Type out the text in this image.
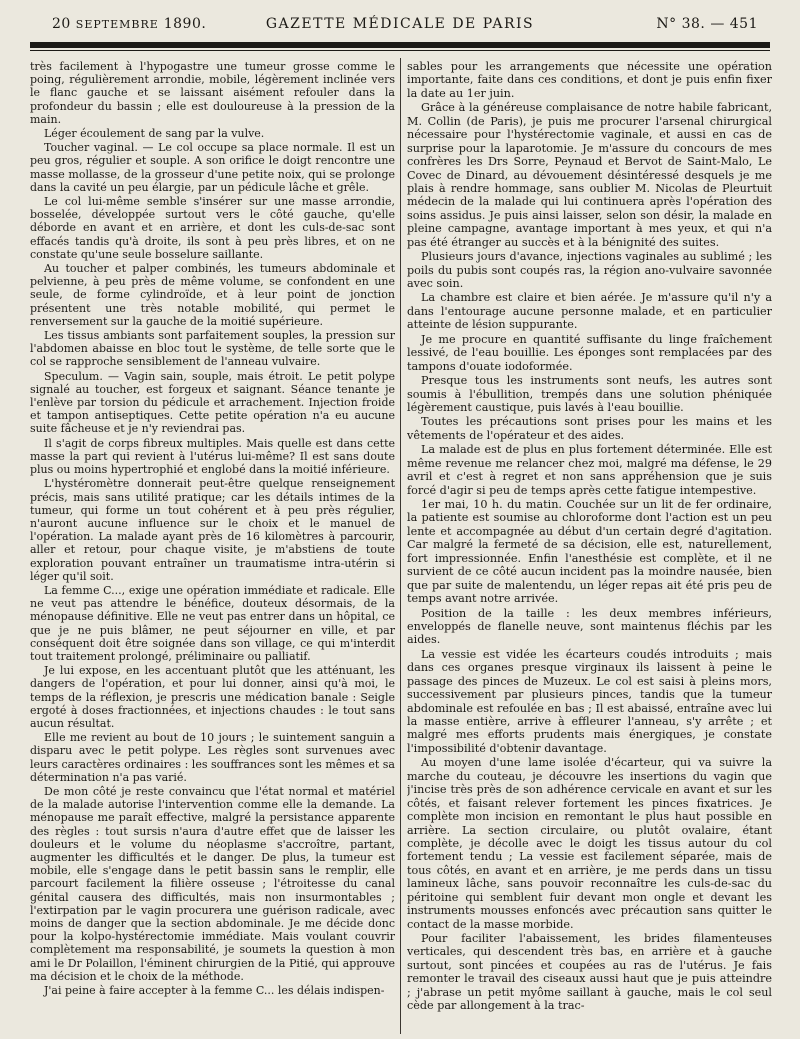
20 SEPTEMBRE 1890.	GAZETTE MÉDICALE DE PARIS	N° 38. — 451

très facilement à l'hypogastre une tumeur grosse comme le poing, régulièrement arrondie, mobile, légèrement inclinée vers le flanc gauche et se laissant aisément refouler dans la profondeur du bassin ; elle est douloureuse à la pression de la main.

Léger écoulement de sang par la vulve.

Toucher vaginal. — Le col occupe sa place normale. Il est un peu gros, régulier et souple. A son orifice le doigt rencontre une masse mollasse, de la grosseur d'une petite noix, qui se prolonge dans la cavité un peu élargie, par un pédicule lâche et grêle.

Le col lui-même semble s'insérer sur une masse arrondie, bosselée, développée surtout vers le côté gauche, qu'elle déborde en avant et en arrière, et dont les culs-de-sac sont effacés tandis qu'à droite, ils sont à peu près libres, et on ne constate qu'une seule bosselure saillante.

Au toucher et palper combinés, les tumeurs abdominale et pelvienne, à peu près de même volume, se confondent en une seule, de forme cylindroïde, et à leur point de jonction présentent une très notable mobilité, qui permet le renversement sur la gauche de la moitié supérieure.

Les tissus ambiants sont parfaitement souples, la pression sur l'abdomen abaisse en bloc tout le système, de telle sorte que le col se rapproche sensiblement de l'anneau vulvaire.

Speculum. — Vagin sain, souple, mais étroit. Le petit polype signalé au toucher, est forgeux et saignant. Séance tenante je l'enlève par torsion du pédicule et arrachement. Injection froide et tampon antiseptiques. Cette petite opération n'a eu aucune suite fâcheuse et je n'y reviendrai pas.

Il s'agit de corps fibreux multiples. Mais quelle est dans cette masse la part qui revient à l'utérus lui-même? Il est sans doute plus ou moins hypertrophié et englobé dans la moitié inférieure.

L'hystéromètre donnerait peut-être quelque renseignement précis, mais sans utilité pratique; car les détails intimes de la tumeur, qui forme un tout cohérent et à peu près régulier, n'auront aucune influence sur le choix et le manuel de l'opération. La malade ayant près de 16 kilomètres à parcourir, aller et retour, pour chaque visite, je m'abstiens de toute exploration pouvant entraîner un traumatisme intra-utérin si léger qu'il soit.

La femme C..., exige une opération immédiate et radicale. Elle ne veut pas attendre le bénéfice, douteux désormais, de la ménopause définitive. Elle ne veut pas entrer dans un hôpital, ce que je ne puis blâmer, ne peut séjourner en ville, et par conséquent doit être soignée dans son village, ce qui m'interdit tout traitement prolongé, préliminaire ou palliatif.

Je lui expose, en les accentuant plutôt que les atténuant, les dangers de l'opération, et pour lui donner, ainsi qu'à moi, le temps de la réflexion, je prescris une médication banale : Seigle ergoté à doses fractionnées, et injections chaudes : le tout sans aucun résultat.

Elle me revient au bout de 10 jours ; le suintement sanguin a disparu avec le petit polype. Les règles sont survenues avec leurs caractères ordinaires : les souffrances sont les mêmes et sa détermination n'a pas varié.

De mon côté je reste convaincu que l'état normal et matériel de la malade autorise l'intervention comme elle la demande. La ménopause me paraît effective, malgré la persistance apparente des règles : tout sursis n'aura d'autre effet que de laisser les douleurs et le volume du néoplasme s'accroître, partant, augmenter les difficultés et le danger. De plus, la tumeur est mobile, elle s'engage dans le petit bassin sans le remplir, elle parcourt facilement la filière osseuse ; l'étroitesse du canal génital causera des difficultés, mais non insurmontables ; l'extirpation par le vagin procurera une guérison radicale, avec moins de danger que la section abdominale. Je me décide donc pour la kolpo-hystérectomie immédiate. Mais voulant couvrir complètement ma responsabilité, je soumets la question à mon ami le Dr Polaillon, l'éminent chirurgien de la Pitié, qui approuve ma décision et le choix de la méthode.

J'ai peine à faire accepter à la femme C... les délais indispen-

sables pour les arrangements que nécessite une opération importante, faite dans ces conditions, et dont je puis enfin fixer la date au 1er juin.

Grâce à la généreuse complaisance de notre habile fabricant, M. Collin (de Paris), je puis me procurer l'arsenal chirurgical nécessaire pour l'hystérectomie vaginale, et aussi en cas de surprise pour la laparotomie. Je m'assure du concours de mes confrères les Drs Sorre, Peynaud et Bervot de Saint-Malo, Le Covec de Dinard, au dévouement désintéressé desquels je me plais à rendre hommage, sans oublier M. Nicolas de Pleurtuit médecin de la malade qui lui continuera après l'opération des soins assidus. Je puis ainsi laisser, selon son désir, la malade en pleine campagne, avantage important à mes yeux, et qui n'a pas été étranger au succès et à la bénignité des suites.

Plusieurs jours d'avance, injections vaginales au sublimé ; les poils du pubis sont coupés ras, la région ano-vulvaire savonnée avec soin.

La chambre est claire et bien aérée. Je m'assure qu'il n'y a dans l'entourage aucune personne malade, et en particulier atteinte de lésion suppurante.

Je me procure en quantité suffisante du linge fraîchement lessivé, de l'eau bouillie. Les éponges sont remplacées par des tampons d'ouate iodoformée.

Presque tous les instruments sont neufs, les autres sont soumis à l'ébullition, trempés dans une solution phéniquée légèrement caustique, puis lavés à l'eau bouillie.

Toutes les précautions sont prises pour les mains et les vêtements de l'opérateur et des aides.

La malade est de plus en plus fortement déterminée. Elle est même revenue me relancer chez moi, malgré ma défense, le 29 avril et c'est à regret et non sans appréhension que je suis forcé d'agir si peu de temps après cette fatigue intempestive.

1er mai, 10 h. du matin. Couchée sur un lit de fer ordinaire, la patiente est soumise au chloroforme dont l'action est un peu lente et accompagnée au début d'un certain degré d'agitation. Car malgré la fermeté de sa décision, elle est, naturellement, fort impressionnée. Enfin l'anesthésie est complète, et il ne survient de ce côté aucun incident pas la moindre nausée, bien que par suite de malentendu, un léger repas ait été pris peu de temps avant notre arrivée.

Position de la taille : les deux membres inférieurs, enveloppés de flanelle neuve, sont maintenus fléchis par les aides.

La vessie est vidée les écarteurs coudés introduits ; mais dans ces organes presque virginaux ils laissent à peine le passage des pinces de Muzeux. Le col est saisi à pleins mors, successivement par plusieurs pinces, tandis que la tumeur abdominale est refoulée en bas ; Il est abaissé, entraîne avec lui la masse entière, arrive à effleurer l'anneau, s'y arrête ; et malgré mes efforts prudents mais énergiques, je constate l'impossibilité d'obtenir davantage.

Au moyen d'une lame isolée d'écarteur, qui va suivre la marche du couteau, je découvre les insertions du vagin que j'incise très près de son adhérence cervicale en avant et sur les côtés, et faisant relever fortement les pinces fixatrices. Je complète mon incision en remontant le plus haut possible en arrière. La section circulaire, ou plutôt ovalaire, étant complète, je décolle avec le doigt les tissus autour du col fortement tendu ; La vessie est facilement séparée, mais de tous côtés, en avant et en arrière, je me perds dans un tissu lamineux lâche, sans pouvoir reconnaître les culs-de-sac du péritoine qui semblent fuir devant mon ongle et devant les instruments mousses enfoncés avec précaution sans quitter le contact de la masse morbide.

Pour faciliter l'abaissement, les brides filamenteuses verticales, qui descendent très bas, en arrière et à gauche surtout, sont pincées et coupées au ras de l'utérus. Je fais remonter le travail des ciseaux aussi haut que je puis atteindre ; j'abrase un petit myôme saillant à gauche, mais le col seul cède par allongement à la trac-
